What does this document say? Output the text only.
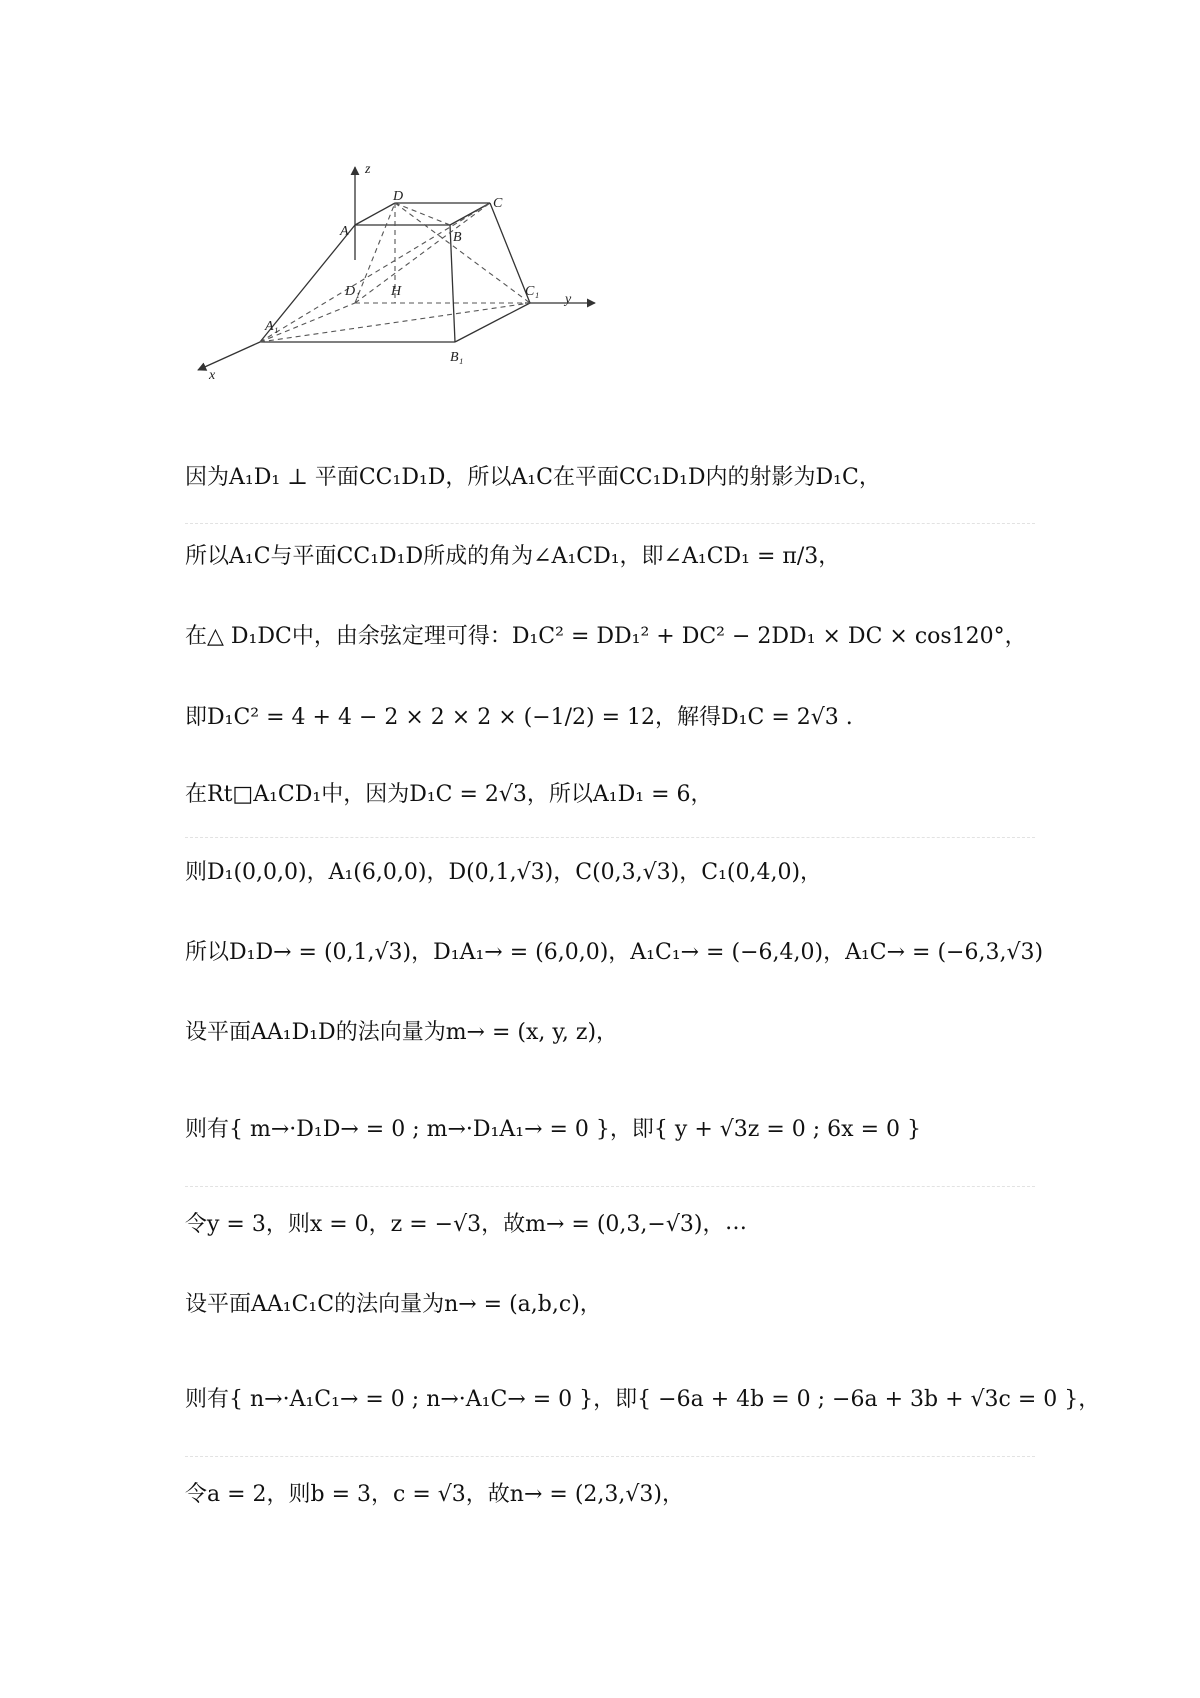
z
y
x
A
D	C
B
D₁ H	C₁
A₁
B₁
因为A₁D₁ ⊥ 平面CC₁D₁D，所以A₁C在平面CC₁D₁D内的射影为D₁C，
所以A₁C与平面CC₁D₁D所成的角为∠A₁CD₁，即∠A₁CD₁ = π/3，
在△ D₁DC中，由余弦定理可得：D₁C² = DD₁² + DC² − 2DD₁ × DC × cos120°，
即D₁C² = 4 + 4 − 2 × 2 × 2 × (−1/2) = 12，解得D₁C = 2√3 .
在Rt□A₁CD₁中，因为D₁C = 2√3，所以A₁D₁ = 6，
则D₁(0,0,0)，A₁(6,0,0)，D(0,1,√3)，C(0,3,√3)，C₁(0,4,0)，
所以D₁D→ = (0,1,√3)，D₁A₁→ = (6,0,0)，A₁C₁→ = (−6,4,0)，A₁C→ = (−6,3,√3)
设平面AA₁D₁D的法向量为m→ = (x, y, z)，
则有{ m→·D₁D→ = 0 ; m→·D₁A₁→ = 0 }，即{ y + √3z = 0 ; 6x = 0 }
令y = 3，则x = 0，z = −√3，故m→ = (0,3,−√3)， …
设平面AA₁C₁C的法向量为n→ = (a,b,c)，
则有{ n→·A₁C₁→ = 0 ; n→·A₁C→ = 0 }，即{ −6a + 4b = 0 ; −6a + 3b + √3c = 0 }，
令a = 2，则b = 3，c = √3，故n→ = (2,3,√3)，
